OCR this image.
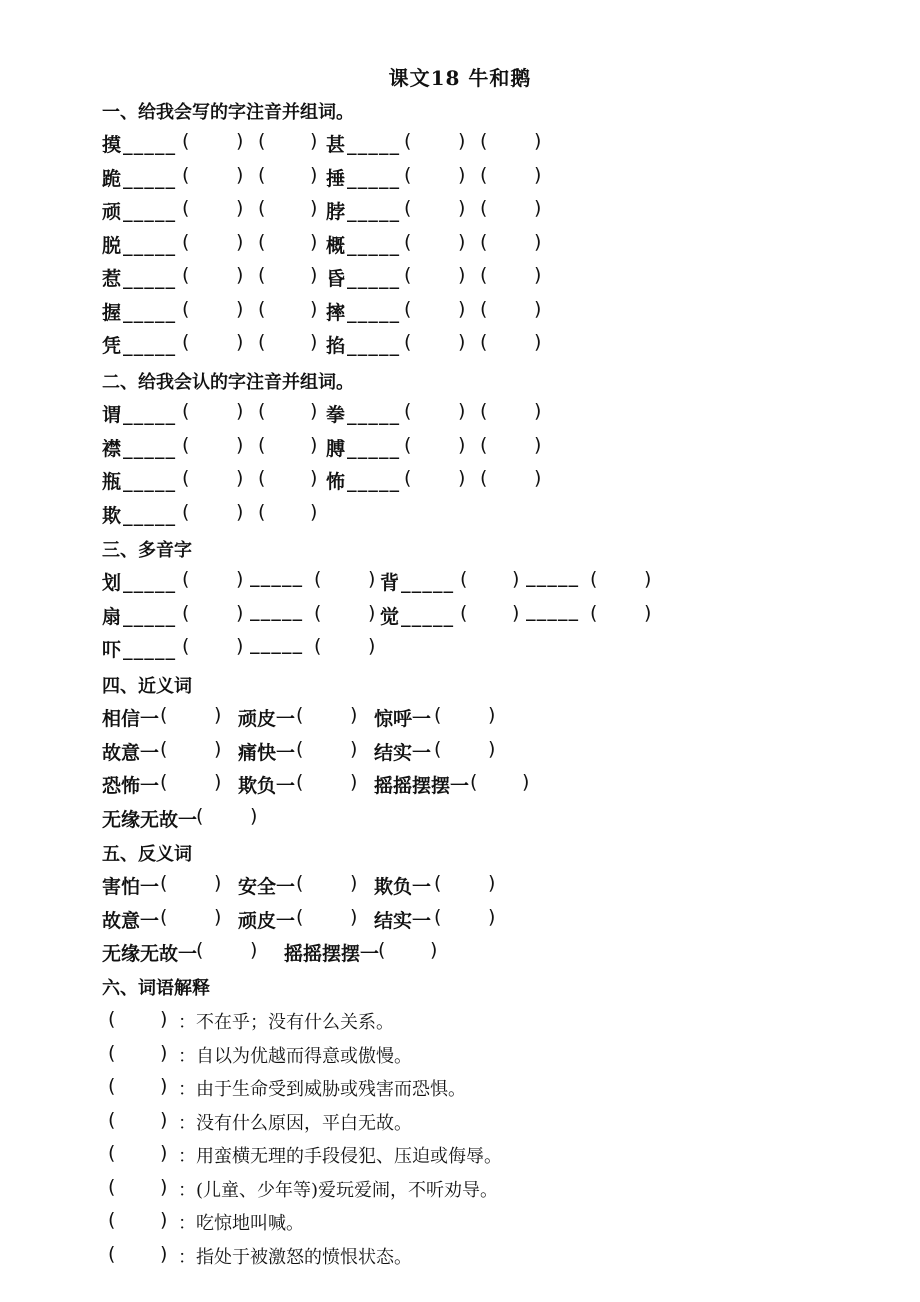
课文18 牛和鹅
一、给我会写的字注音并组词。
摸 _____ ( ) ( ) 甚 _____ ( ) ( )
跪 _____ ( ) ( ) 捶 _____ ( ) ( )
顽 _____ ( ) ( ) 脖 _____ ( ) ( )
脱 _____ ( ) ( ) 概 _____ ( ) ( )
惹 _____ ( ) ( ) 昏 _____ ( ) ( )
握 _____ ( ) ( ) 摔 _____ ( ) ( )
凭 _____ ( ) ( ) 掐 _____ ( ) ( )
二、给我会认的字注音并组词。
谓 _____ ( ) ( ) 拳 _____ ( ) ( )
襟 _____ ( ) ( ) 膊 _____ ( ) ( )
瓶 _____ ( ) ( ) 怖 _____ ( ) ( )
欺 _____ ( ) ( )
三、多音字
划 _____ ( ) _____ ( ) 背 _____ ( ) _____ ( )
扇 _____ ( ) _____ ( ) 觉 _____ ( ) _____ ( )
吓 _____ ( ) _____ ( )
四、近义词
相信一 ( ) 顽皮一 ( ) 惊呼一 ( )
故意一 ( ) 痛快一 ( ) 结实一 ( )
恐怖一 ( ) 欺负一 ( ) 摇摇摆摆一 ( )
无缘无故一
( )
五、反义词
害怕一 ( ) 安全一 ( ) 欺负一 ( )
故意一 ( ) 顽皮一 ( ) 结实一 ( )
无缘无故一
( ) 摇摇摆摆一
( )
六、词语解释
( ) ：不在乎；没有什么关系。
( ) ：自以为优越而得意或傲慢。
( ) ：由于生命受到威胁或残害而恐惧。
( ) ：没有什么原因，平白无故。
( ) ：用蛮横无理的手段侵犯、压迫或侮辱。
( ) ：(儿童、少年等)爱玩爱闹，不听劝导。
( ) ：吃惊地叫喊。
( ) ：指处于被激怒的愤恨状态。
